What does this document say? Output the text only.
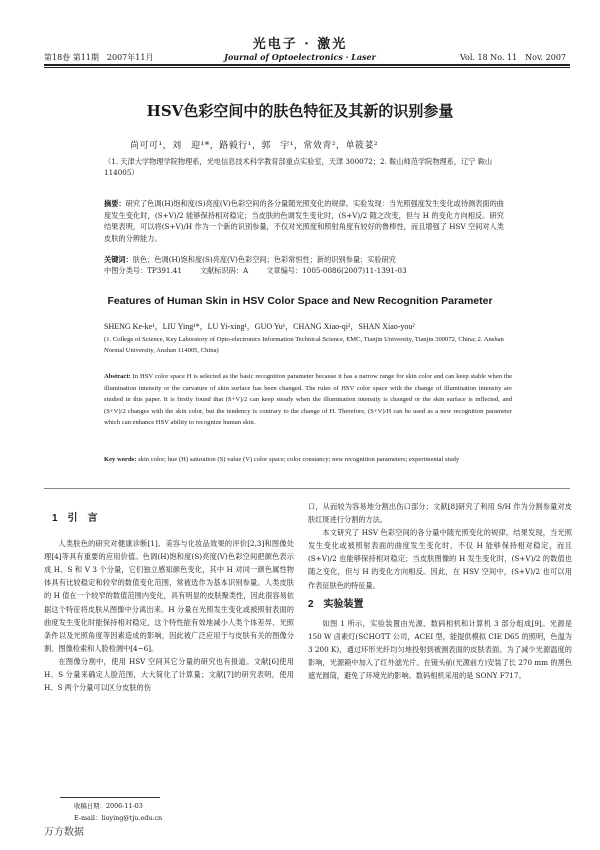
光电子 · 激光
第18卷 第11期　2007年11月	Journal of Optoelectronics · Laser	Vol. 18 No. 11　Nov. 2007
HSV色彩空间中的肤色特征及其新的识别参量
尚可可¹，刘　迎¹*，路毅行¹，郭　宇¹，常效青²，单筱荽²
（1. 天津大学物理学院物理系，光电信息技术科学教育部重点实验室，天津 300072；2. 鞍山师范学院物理系，辽宁 鞍山 114005）
摘要：研究了色调(H)饱和度(S)亮度(V)色彩空间的各分量随光照变化的规律。实验发现：当光照强度发生变化或待测表面的曲度发生变化时，(S+V)/2 能够保持相对稳定；当皮肤的色调发生变化时，(S+V)/2 随之改变，但与 H 的变化方向相反。研究结果表明，可以将(S+V)/H 作为一个新的识别参量，不仅对光照度和照射角度有较好的鲁棒性，而且增强了 HSV 空间对人类皮肤的分辨能力。
关键词：肤色；色调(H)饱和度(S)亮度(V)色彩空间；色彩常恒性；新的识别参量；实验研究
中图分类号：TP391.41	文献标识码：A	文章编号：1005-0086(2007)11-1391-03
Features of Human Skin in HSV Color Space and New Recognition Parameter
SHENG Ke-ke¹，LIU Ying¹*，LU Yi-xing¹，GUO Yu¹，CHANG Xiao-qi²，SHAN Xiao-you²
(1. College of Science, Key Laboratory of Opto-electronics Information Technical Science, EMC, Tianjin University, Tianjin 300072, China; 2. Anshan Normal University, Anshan 114005, China)
Abstract: In HSV color space H is selected as the basic recognition parameter because it has a narrow range for skin color and can keep stable when the illumination intensity or the curvature of skin surface has been changed. The rules of HSV color space with the change of illumination intensity are studied in this paper. It is firstly found that (S+V)/2 can keep steady when the illumination intensity is changed or the skin surface is inflected, and (S+V)/2 changes with the skin color, but the tendency is contrary to the change of H. Therefore, (S+V)/H can be used as a new recognition parameter which can enhance HSV ability to recognize human skin.
Key words: skin color; hue (H) saturation (S) value (V) color space; color constancy; new recognition parameters; experimental study
1　引　言

人类肤色的研究对健康诊断[1]、美容与化妆品效果的评价[2,3]和图像处理[4]等具有重要的应用价值。色调(H)饱和度(S)亮度(V)色彩空间把颜色表示成 H、S 和 V 3 个分量，它们独立感知颜色变化，其中 H 对同一颜色属性物体具有比较稳定和较窄的数值变化范围，常被选作为基本识别参量。人类皮肤的 H 值在一个较窄的数值范围内变化，具有明显的皮肤聚类性，因此很容易依据这个特征将皮肤从图像中分离出来。H 分量在光照发生变化或被照射表面的曲度发生变化时能保持相对稳定，这个特性能有效地减小人类个体差异、光照条件以及光照角度等因素造成的影响，因此被广泛应用于与皮肤有关的图像分割、图像检索和人脸检测中[4~6]。

在图像分割中，使用 HSV 空间其它分量的研究也有报道。文献[6]使用 H、S 分量来确定人脸范围，大大简化了计算量；文献[7]的研究表明，使用 H、S 两个分量可以区分皮肤的伤

口，从而较为容易地分割出伤口部分；文献[8]研究了利用 S/H 作为分割参量对皮肤红斑进行分割的方法。

本文研究了 HSV 色彩空间的各分量中随光照变化的规律。结果发现，当光照发生变化或被照射表面的曲度发生变化时，不仅 H 能够保持相对稳定，而且(S+V)/2 也能够保持相对稳定；当皮肤图像的 H 发生变化时，(S+V)/2 的数值也随之变化，但与 H 的变化方向相反。因此，在 HSV 空间中，(S+V)/2 也可以用作表征肤色的特征量。

2　实验装置

如图 1 所示，实验装置由光源、数码相机和计算机 3 部分组成[9]。光源是 150 W 卤素灯(SCHOTT 公司，ACEI 型，能提供模拟 CIE D65 的照明，色温为 3 200 K)，通过环形光纤均匀地投射到被测表面的皮肤表面。为了减少光源温度的影响，光源箱中加入了红外滤光片。在镜头前(光源前方)安装了长 270 mm 的黑色遮光圆筒，避免了环境光的影响。数码相机采用的是 SONY F717。

收稿日期：2006-11-03
E-mail：liuying@tju.edu.cn
万方数据
